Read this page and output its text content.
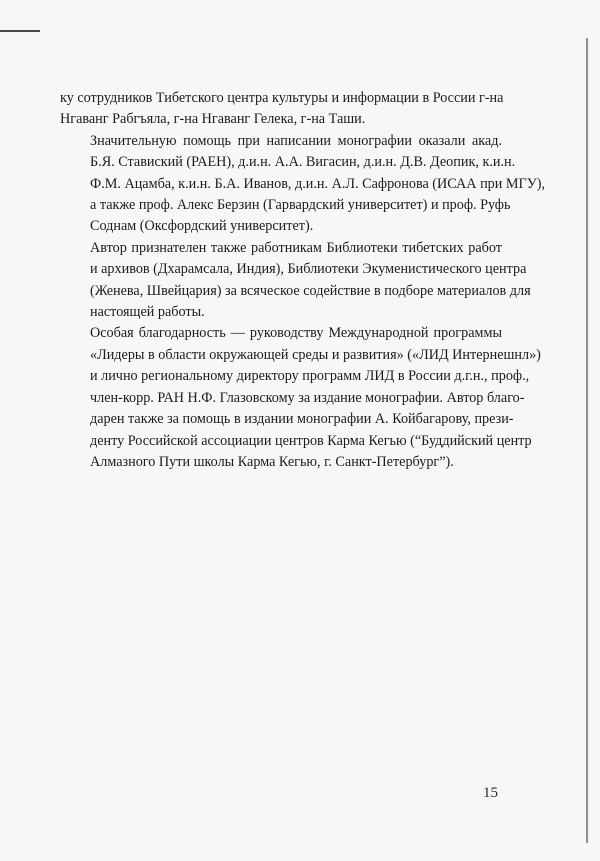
ку сотрудников Тибетского центра культуры и информации в России г-на
Нгаванг Рабгъяла, г-на Нгаванг Гелека, г-на Таши.

Значительную помощь при написании монографии оказали акад.
Б.Я. Ставиский (РАЕН), д.и.н. А.А. Вигасин, д.и.н. Д.В. Деопик, к.и.н.
Ф.М. Ацамба, к.и.н. Б.А. Иванов, д.и.н. А.Л. Сафронова (ИСАА при МГУ),
а также проф. Алекс Берзин (Гарвардский университет) и проф. Руфь
Соднам (Оксфордский университет).

Автор признателен также работникам Библиотеки тибетских работ
и архивов (Дхарамсала, Индия), Библиотеки Экуменистического центра
(Женева, Швейцария) за всяческое содействие в подборе материалов для
настоящей работы.

Особая благодарность — руководству Международной программы
«Лидеры в области окружающей среды и развития» («ЛИД Интернешнл»)
и лично региональному директору программ ЛИД в России д.г.н., проф.,
член-корр. РАН Н.Ф. Глазовскому за издание монографии. Автор благо-
дарен также за помощь в издании монографии А. Койбагарову, прези-
денту Российской ассоциации центров Карма Кегью (“Буддийский центр
Алмазного Пути школы Карма Кегью, г. Санкт-Петербург”).

15
